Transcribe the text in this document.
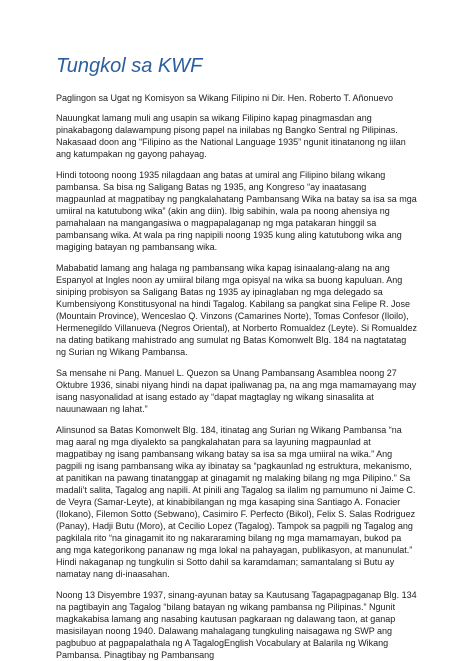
Tungkol sa KWF
Paglingon sa Ugat ng Komisyon sa Wikang Filipino ni Dir. Hen. Roberto T. Añonuevo

Nauungkat lamang muli ang usapin sa wikang Filipino kapag pinagmasdan ang pinakabagong dalawampung pisong papel na inilabas ng Bangko Sentral ng Pilipinas. Nakasaad doon ang “Filipino as the National Language 1935” ngunit itinatanong ng iilan ang katumpakan ng gayong pahayag.

Hindi totoong noong 1935 nilagdaan ang batas at umiral ang Filipino bilang wikang pambansa. Sa bisa ng Saligang Batas ng 1935, ang Kongreso “ay inaatasang magpaunlad at magpatibay ng pangkalahatang Pambansang Wika na batay sa isa sa mga umiiral na katutubong wika” (akin ang diin). Ibig sabihin, wala pa noong ahensiya ng pamahalaan na mangangasiwa o magpapalaganap ng mga patakaran hinggil sa pambansang wika. At wala pa ring napipili noong 1935 kung aling katutubong wika ang magiging batayan ng pambansang wika.

Mababatid lamang ang halaga ng pambansang wika kapag isinaalang-alang na ang Espanyol at Ingles noon ay umiiral bilang mga opisyal na wika sa buong kapuluan. Ang siniping probisyon sa Saligang Batas ng 1935 ay ipinaglaban ng mga delegado sa Kumbensiyong Konstitusyonal na hindi Tagalog. Kabilang sa pangkat sina Felipe R. Jose (Mountain Province), Wenceslao Q. Vinzons (Camarines Norte), Tomas Confesor (Iloilo), Hermenegildo Villanueva (Negros Oriental), at Norberto Romualdez (Leyte). Si Romualdez na dating batikang mahistrado ang sumulat ng Batas Komonwelt Blg. 184 na nagtatatag ng Surian ng Wikang Pambansa.

Sa mensahe ni Pang. Manuel L. Quezon sa Unang Pambansang Asamblea noong 27 Oktubre 1936, sinabi niyang hindi na dapat ipaliwanag pa, na ang mga mamamayang may isang nasyonalidad at isang estado ay “dapat magtaglay ng wikang sinasalita at nauunawaan ng lahat.”

Alinsunod sa Batas Komonwelt Blg. 184, itinatag ang Surian ng Wikang Pambansa “na mag aaral ng mga diyalekto sa pangkalahatan para sa layuning magpaunlad at magpatibay ng isang pambansang wikang batay sa isa sa mga umiiral na wika.” Ang pagpili ng isang pambansang wika ay ibinatay sa “pagkaunlad ng estruktura, mekanismo, at panitikan na pawang tinatanggap at ginagamit ng malaking bilang ng mga Pilipino.” Sa madali’t salita, Tagalog ang napili. At pinili ang Tagalog sa ilalim ng pamumuno ni Jaime C. de Veyra (Samar-Leyte), at kinabibilangan ng mga kasaping sina Santiago A. Fonacier (Ilokano), Filemon Sotto (Sebwano), Casimiro F. Perfecto (Bikol), Felix S. Salas Rodriguez (Panay), Hadji Butu (Moro), at Cecilio Lopez (Tagalog). Tampok sa pagpili ng Tagalog ang pagkilala rito “na ginagamit ito ng nakararaming bilang ng mga mamamayan, bukod pa ang mga kategorikong pananaw ng mga lokal na pahayagan, publikasyon, at manunulat.” Hindi nakaganap ng tungkulin si Sotto dahil sa karamdaman; samantalang si Butu ay namatay nang di-inaasahan.

Noong 13 Disyembre 1937, sinang-ayunan batay sa Kautusang Tagapagpaganap Blg. 134 na pagtibayin ang Tagalog “bilang batayan ng wikang pambansa ng Pilipinas.” Ngunit magkakabisa lamang ang nasabing kautusan pagkaraan ng dalawang taon, at ganap masisilayan noong 1940. Dalawang mahalagang tungkuling naisagawa ng SWP ang pagbubuo at pagpapalathala ng A TagalogEnglish Vocabulary at Balarila ng Wikang Pambansa. Pinagtibay ng Pambansang
